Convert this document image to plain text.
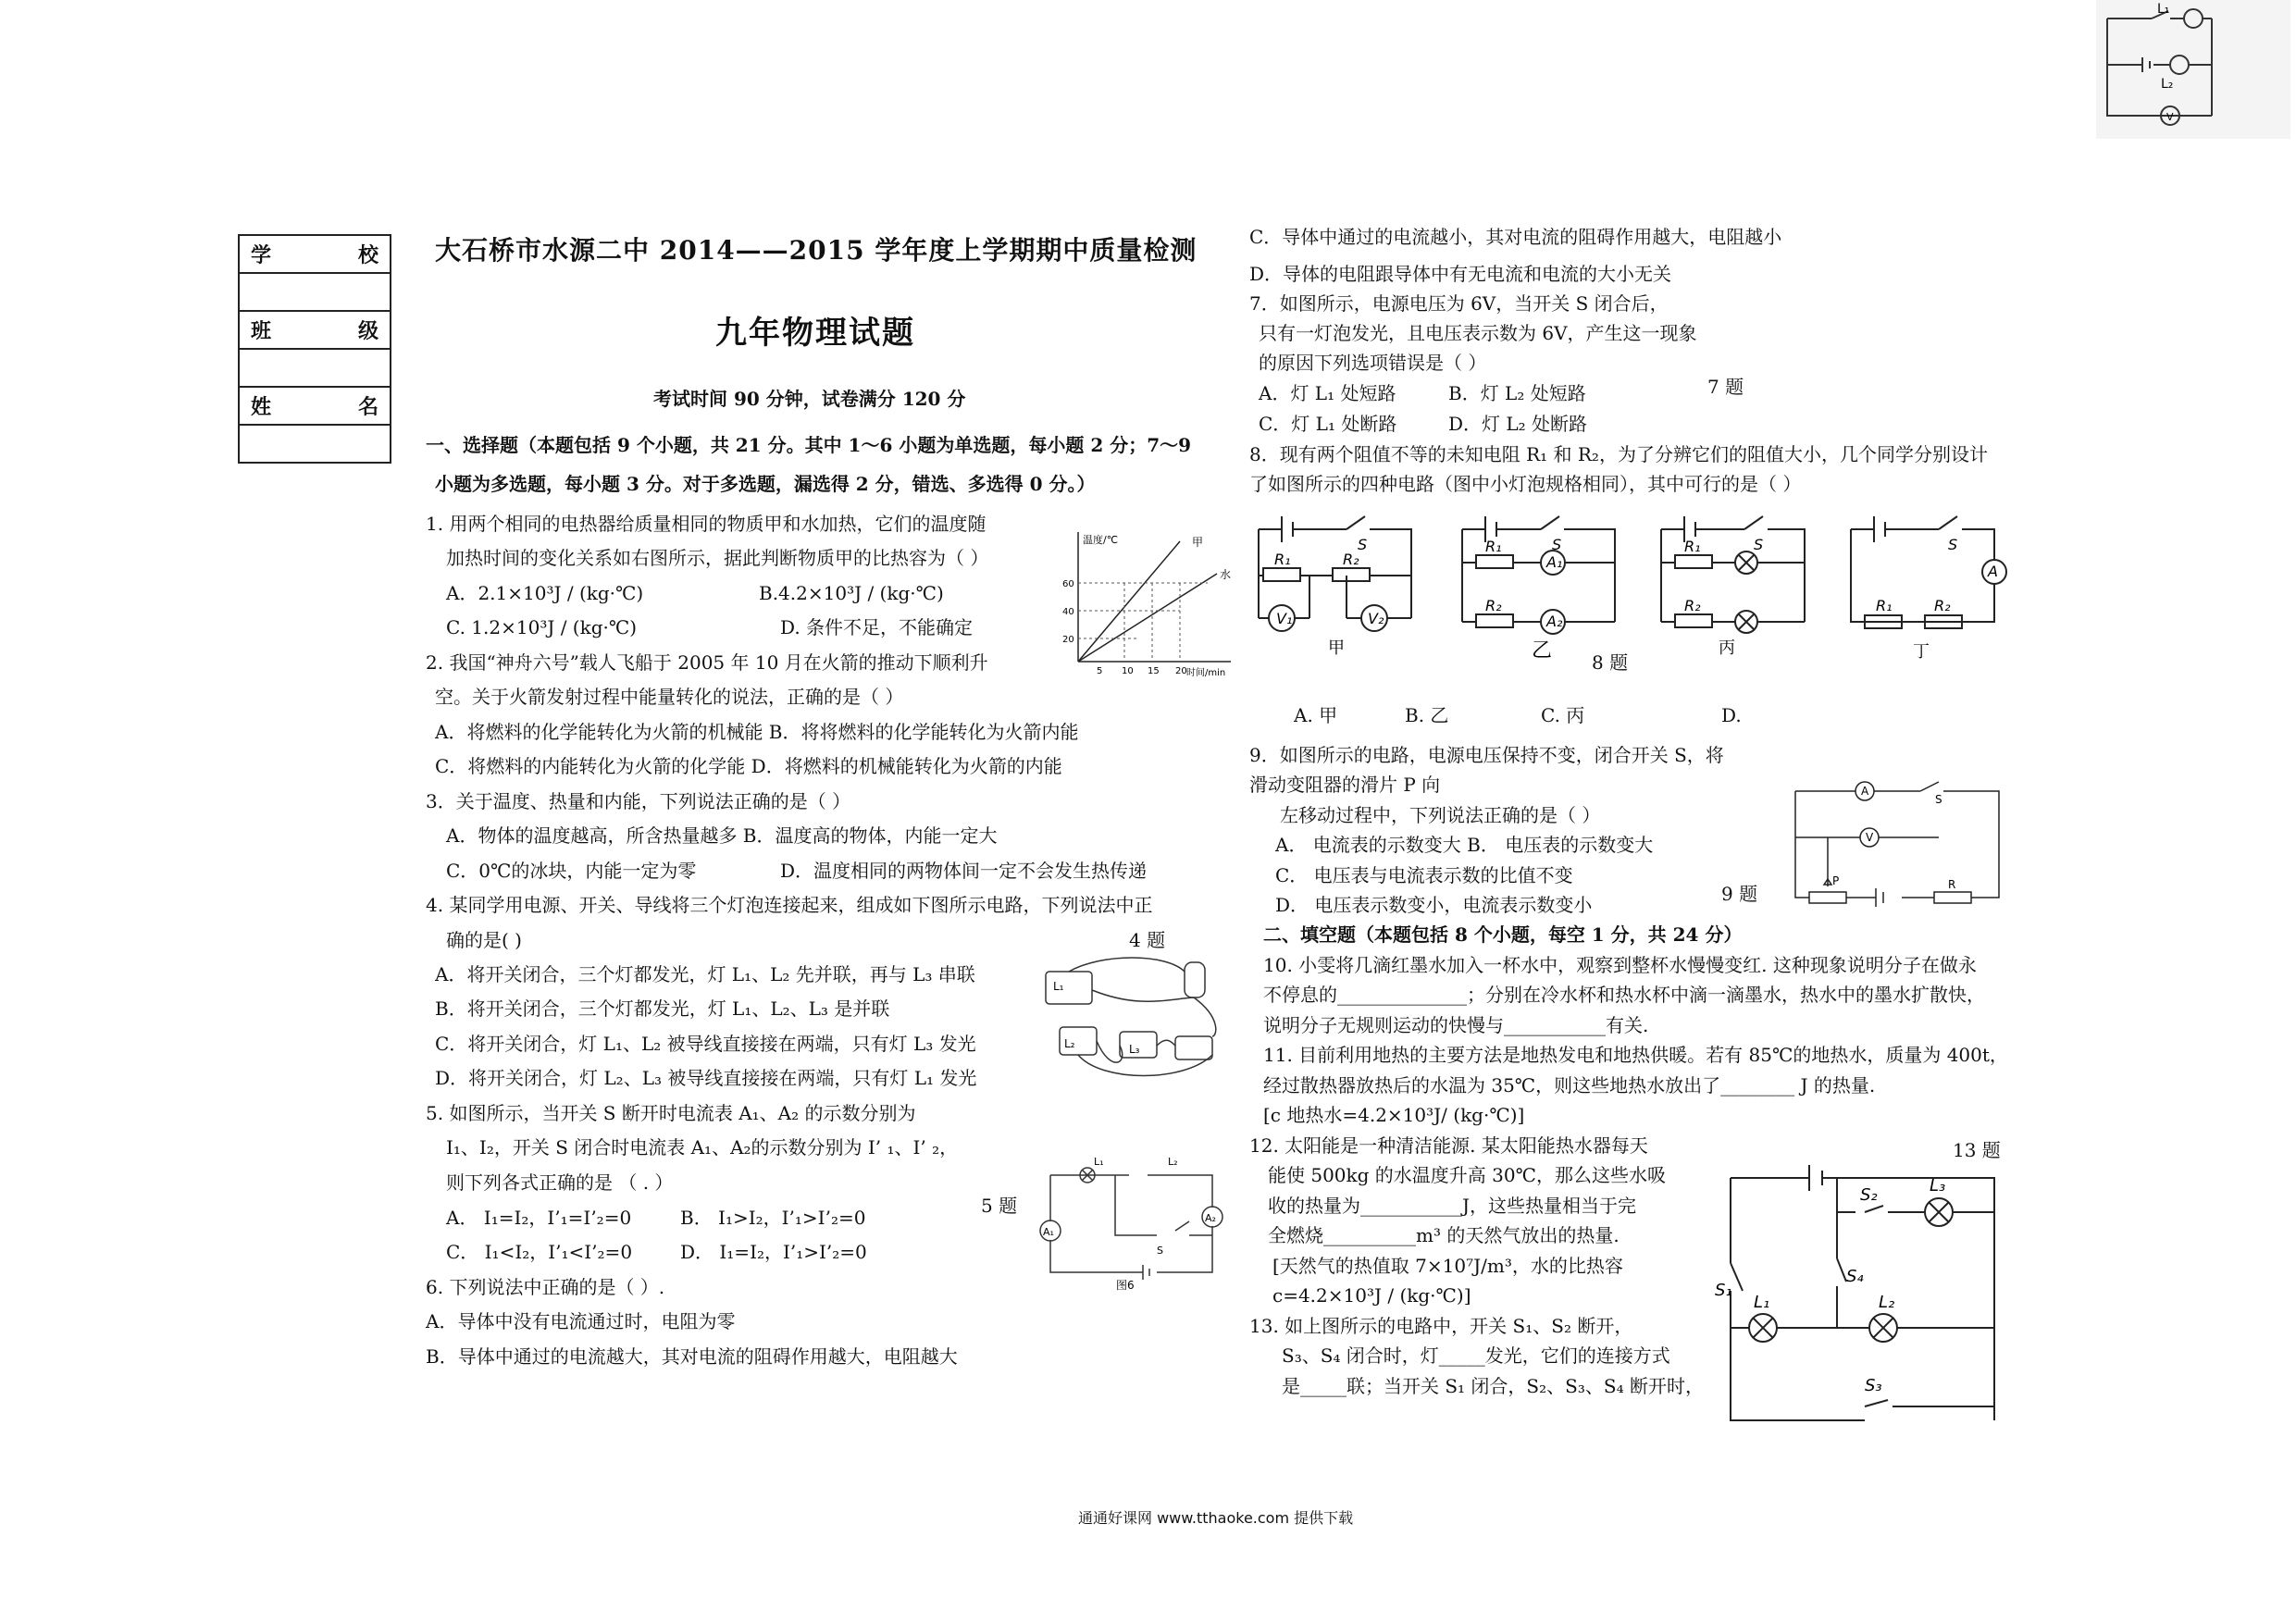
L₁
L₂
V
学	校

班	级

姓	名

大石桥市水源二中 2014——2015 学年度上学期期中质量检测
九年物理试题
考试时间 90 分钟，试卷满分 120 分
一、选择题（本题包括 9 个小题，共 21 分。其中 1～6 小题为单选题，每小题 2 分；7～9
小题为多选题，每小题 3 分。对于多选题，漏选得 2 分，错选、多选得 0 分。）
1. 用两个相同的电热器给质量相同的物质甲和水加热，它们的温度随
加热时间的变化关系如右图所示，据此判断物质甲的比热容为（ ）
A．2.1×10³J / (kg·℃)	B.4.2×10³J / (kg·℃)
C. 1.2×10³J / (kg·℃)	D. 条件不足，不能确定
温度/℃
60
40
20
5 10 15 20 时间/min
甲
水
2. 我国“神舟六号”载人飞船于 2005 年 10 月在火箭的推动下顺利升
空。关于火箭发射过程中能量转化的说法，正确的是（ ）
A．将燃料的化学能转化为火箭的机械能 B．将将燃料的化学能转化为火箭内能
C．将燃料的内能转化为火箭的化学能 D．将燃料的机械能转化为火箭的内能
3．关于温度、热量和内能，下列说法正确的是（ ）
A．物体的温度越高，所含热量越多 B．温度高的物体，内能一定大
C．0℃的冰块，内能一定为零	D．温度相同的两物体间一定不会发生热传递
4. 某同学用电源、开关、导线将三个灯泡连接起来，组成如下图所示电路，下列说法中正
确的是( )	4 题
A．将开关闭合，三个灯都发光，灯 L₁、L₂ 先并联，再与 L₃ 串联
B．将开关闭合，三个灯都发光，灯 L₁、L₂、L₃ 是并联
C．将开关闭合，灯 L₁、L₂ 被导线直接接在两端，只有灯 L₃ 发光
D．将开关闭合，灯 L₂、L₃ 被导线直接接在两端，只有灯 L₁ 发光
L₁
L₂	L₃
5. 如图所示，当开关 S 断开时电流表 A₁、A₂ 的示数分别为
I₁、I₂，开关 S 闭合时电流表 A₁、A₂的示数分别为 I’ ₁、I’ ₂，
则下列各式正确的是 （ . ）
5 题
A． I₁=I₂，I’₁=I’₂=0	B． I₁>I₂，I’₁>I’₂=0
C． I₁<I₂，I’₁<I’₂=0	D． I₁=I₂，I’₁>I’₂=0
L₁	L₂
A₁
A₂
S
图6
6. 下列说法中正确的是（ ）.
A．导体中没有电流通过时，电阻为零
B．导体中通过的电流越大，其对电流的阻碍作用越大，电阻越大
C．导体中通过的电流越小，其对电流的阻碍作用越大，电阻越小
D．导体的电阻跟导体中有无电流和电流的大小无关
7．如图所示，电源电压为 6V，当开关 S 闭合后，
只有一灯泡发光，且电压表示数为 6V，产生这一现象
的原因下列选项错误是（ ）
A．灯 L₁ 处短路	B．灯 L₂ 处短路	7 题
C．灯 L₁ 处断路	D．灯 L₂ 处断路
8．现有两个阻值不等的未知电阻 R₁ 和 R₂，为了分辨它们的阻值大小，几个同学分别设计
了如图所示的四种电路（图中小灯泡规格相同），其中可行的是（ ）
R₁	R₂
V₁	V₂
S	R₁
R₂
A₁
A₂
S	R₁
R₂
S
R₁	R₂
A
S
甲	乙	丙	丁
8 题
A. 甲	B. 乙	C. 丙	D.
9．如图所示的电路，电源电压保持不变，闭合开关 S，将
滑动变阻器的滑片 P 向
左移动过程中，下列说法正确的是（ ）
A． 电流表的示数变大 B． 电压表的示数变大
C． 电压表与电流表示数的比值不变
D． 电压表示数变小，电流表示数变小	9 题
A
V
S
P	R
二、填空题（本题包括 8 个小题，每空 1 分，共 24 分）
10. 小雯将几滴红墨水加入一杯水中，观察到整杯水慢慢变红. 这种现象说明分子在做永
不停息的______________；分别在冷水杯和热水杯中滴一滴墨水，热水中的墨水扩散快，
说明分子无规则运动的快慢与___________有关.
11. 目前利用地热的主要方法是地热发电和地热供暖。若有 85℃的地热水，质量为 400t，
经过散热器放热后的水温为 35℃，则这些地热水放出了________ J 的热量.
[c 地热水=4.2×10³J/ (kg·℃)]
12. 太阳能是一种清洁能源. 某太阳能热水器每天
能使 500kg 的水温度升高 30℃，那么这些水吸
收的热量为___________J，这些热量相当于完
全燃烧__________m³ 的天然气放出的热量.
[天然气的热值取 7×10⁷J/m³，水的比热容
c=4.2×10³J / (kg·℃)]
13. 如上图所示的电路中，开关 S₁、S₂ 断开，
S₃、S₄ 闭合时，灯_____发光，它们的连接方式
是_____联；当开关 S₁ 闭合，S₂、S₃、S₄ 断开时，
13 题
S₂	L₃
S₁
S₄
L₁	L₂
S₃
通通好课网 www.tthaoke.com 提供下载
